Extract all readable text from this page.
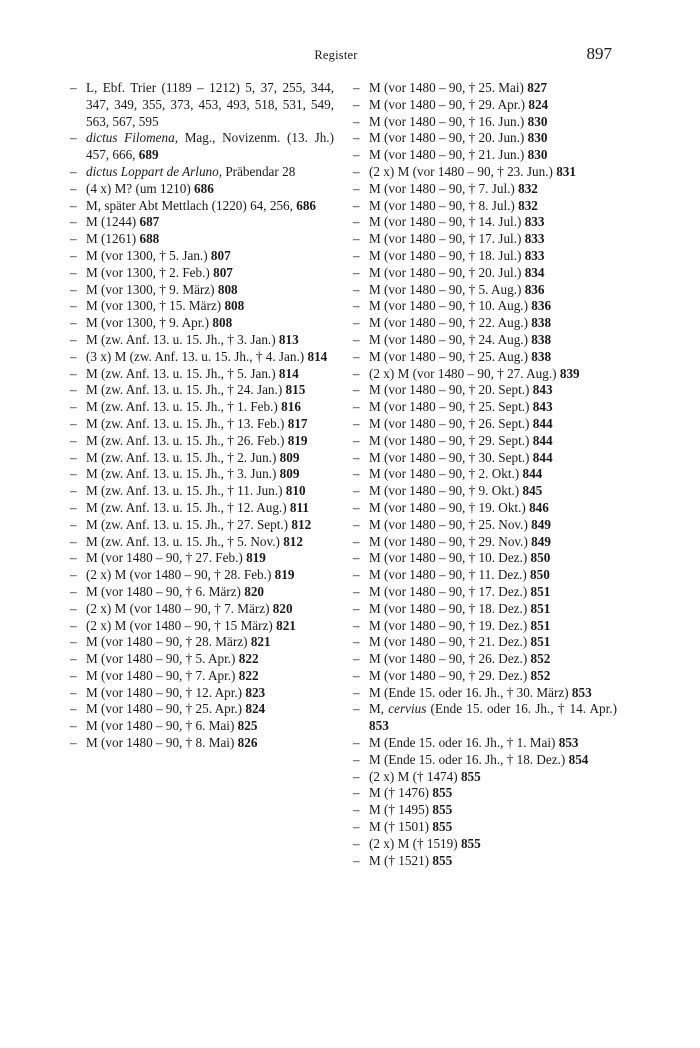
Register	897
– L, Ebf. Trier (1189 – 1212) 5, 37, 255, 344, 347, 349, 355, 373, 453, 493, 518, 531, 549, 563, 567, 595
– dictus Filomena, Mag., Novizenm. (13. Jh.) 457, 666, 689
– dictus Loppart de Arluno, Präbendar 28
– (4 x) M? (um 1210) 686
– M, später Abt Mettlach (1220) 64, 256, 686
– M (1244) 687
– M (1261) 688
– M (vor 1300, † 5. Jan.) 807
– M (vor 1300, † 2. Feb.) 807
– M (vor 1300, † 9. März) 808
– M (vor 1300, † 15. März) 808
– M (vor 1300, † 9. Apr.) 808
– M (zw. Anf. 13. u. 15. Jh., † 3. Jan.) 813
– (3 x) M (zw. Anf. 13. u. 15. Jh., † 4. Jan.) 814
– M (zw. Anf. 13. u. 15. Jh., † 5. Jan.) 814
– M (zw. Anf. 13. u. 15. Jh., † 24. Jan.) 815
– M (zw. Anf. 13. u. 15. Jh., † 1. Feb.) 816
– M (zw. Anf. 13. u. 15. Jh., † 13. Feb.) 817
– M (zw. Anf. 13. u. 15. Jh., † 26. Feb.) 819
– M (zw. Anf. 13. u. 15. Jh., † 2. Jun.) 809
– M (zw. Anf. 13. u. 15. Jh., † 3. Jun.) 809
– M (zw. Anf. 13. u. 15. Jh., † 11. Jun.) 810
– M (zw. Anf. 13. u. 15. Jh., † 12. Aug.) 811
– M (zw. Anf. 13. u. 15. Jh., † 27. Sept.) 812
– M (zw. Anf. 13. u. 15. Jh., † 5. Nov.) 812
– M (vor 1480 – 90, † 27. Feb.) 819
– (2 x) M (vor 1480 – 90, † 28. Feb.) 819
– M (vor 1480 – 90, † 6. März) 820
– (2 x) M (vor 1480 – 90, † 7. März) 820
– (2 x) M (vor 1480 – 90, † 15 März) 821
– M (vor 1480 – 90, † 28. März) 821
– M (vor 1480 – 90, † 5. Apr.) 822
– M (vor 1480 – 90, † 7. Apr.) 822
– M (vor 1480 – 90, † 12. Apr.) 823
– M (vor 1480 – 90, † 25. Apr.) 824
– M (vor 1480 – 90, † 6. Mai) 825
– M (vor 1480 – 90, † 8. Mai) 826
– M (vor 1480 – 90, † 25. Mai) 827
– M (vor 1480 – 90, † 29. Apr.) 824
– M (vor 1480 – 90, † 16. Jun.) 830
– M (vor 1480 – 90, † 20. Jun.) 830
– M (vor 1480 – 90, † 21. Jun.) 830
– (2 x) M (vor 1480 – 90, † 23. Jun.) 831
– M (vor 1480 – 90, † 7. Jul.) 832
– M (vor 1480 – 90, † 8. Jul.) 832
– M (vor 1480 – 90, † 14. Jul.) 833
– M (vor 1480 – 90, † 17. Jul.) 833
– M (vor 1480 – 90, † 18. Jul.) 833
– M (vor 1480 – 90, † 20. Jul.) 834
– M (vor 1480 – 90, † 5. Aug.) 836
– M (vor 1480 – 90, † 10. Aug.) 836
– M (vor 1480 – 90, † 22. Aug.) 838
– M (vor 1480 – 90, † 24. Aug.) 838
– M (vor 1480 – 90, † 25. Aug.) 838
– (2 x) M (vor 1480 – 90, † 27. Aug.) 839
– M (vor 1480 – 90, † 20. Sept.) 843
– M (vor 1480 – 90, † 25. Sept.) 843
– M (vor 1480 – 90, † 26. Sept.) 844
– M (vor 1480 – 90, † 29. Sept.) 844
– M (vor 1480 – 90, † 30. Sept.) 844
– M (vor 1480 – 90, † 2. Okt.) 844
– M (vor 1480 – 90, † 9. Okt.) 845
– M (vor 1480 – 90, † 19. Okt.) 846
– M (vor 1480 – 90, † 25. Nov.) 849
– M (vor 1480 – 90, † 29. Nov.) 849
– M (vor 1480 – 90, † 10. Dez.) 850
– M (vor 1480 – 90, † 11. Dez.) 850
– M (vor 1480 – 90, † 17. Dez.) 851
– M (vor 1480 – 90, † 18. Dez.) 851
– M (vor 1480 – 90, † 19. Dez.) 851
– M (vor 1480 – 90, † 21. Dez.) 851
– M (vor 1480 – 90, † 26. Dez.) 852
– M (vor 1480 – 90, † 29. Dez.) 852
– M (Ende 15. oder 16. Jh., † 30. März) 853
– M, cervius (Ende 15. oder 16. Jh., † 14. Apr.) 853
– M (Ende 15. oder 16. Jh., † 1. Mai) 853
– M (Ende 15. oder 16. Jh., † 18. Dez.) 854
– (2 x) M († 1474) 855
– M († 1476) 855
– M († 1495) 855
– M († 1501) 855
– (2 x) M († 1519) 855
– M († 1521) 855
